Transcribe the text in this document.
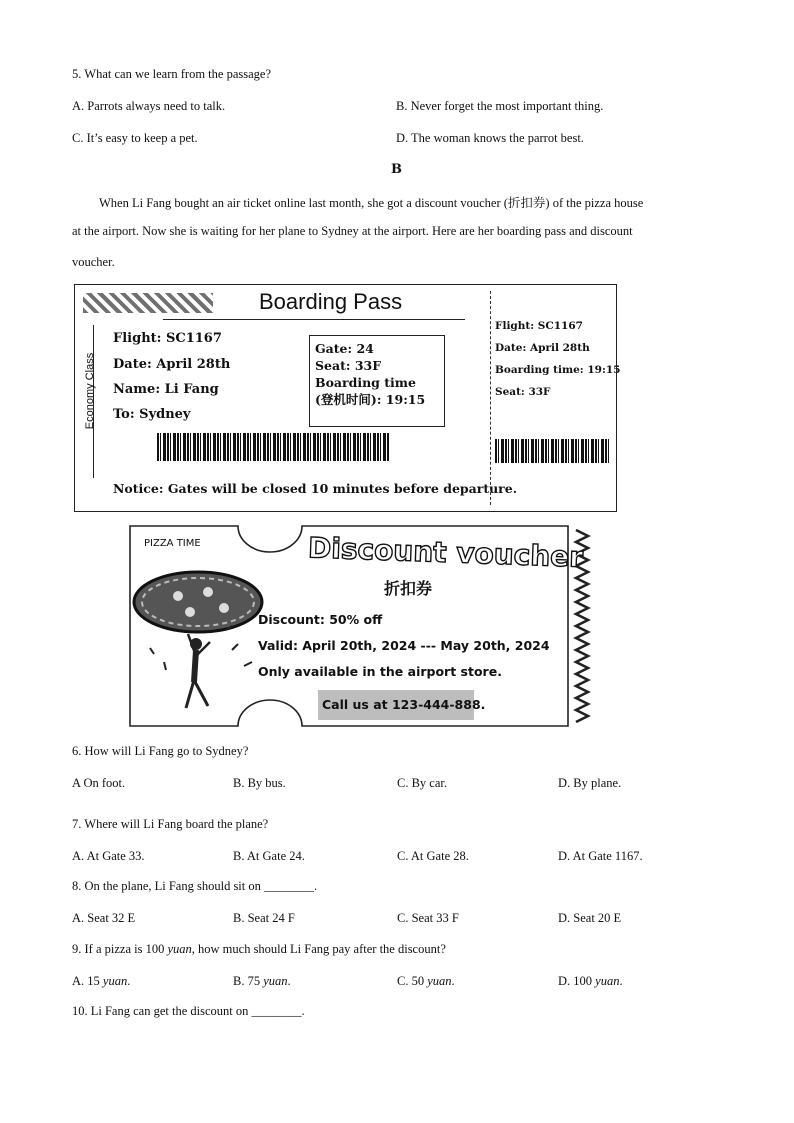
5. What can we learn from the passage?
A. Parrots always need to talk.	B. Never forget the most important thing.
C. It’s easy to keep a pet.	D. The woman knows the parrot best.
B
When Li Fang bought an air ticket online last month, she got a discount voucher (折扣券) of the pizza house
at the airport. Now she is waiting for her plane to Sydney at the airport. Here are her boarding pass and discount
voucher.
Boarding Pass
Economy Class
Flight: SC1167
Date: April 28th
Name: Li Fang
To: Sydney
Gate: 24
Seat: 33F
Boarding time
(登机时间): 19:15
Notice: Gates will be closed 10 minutes before departure.
Flight: SC1167
Date: April 28th
Boarding time: 19:15
Seat: 33F
PIZZA TIME	Discount voucher
折扣券
Discount: 50% off
Valid: April 20th, 2024 --- May 20th, 2024
Only available in the airport store.
Call us at 123-444-888.
6. How will Li Fang go to Sydney?
A On foot.	B. By bus.	C. By car.	D. By plane.
7. Where will Li Fang board the plane?
A. At Gate 33.	B. At Gate 24.	C. At Gate 28.	D. At Gate 1167.
8. On the plane, Li Fang should sit on ________.
A. Seat 32 E	B. Seat 24 F	C. Seat 33 F	D. Seat 20 E
9. If a pizza is 100 yuan, how much should Li Fang pay after the discount?
A. 15 yuan.	B. 75 yuan.	C. 50 yuan.	D. 100 yuan.
10. Li Fang can get the discount on ________.
